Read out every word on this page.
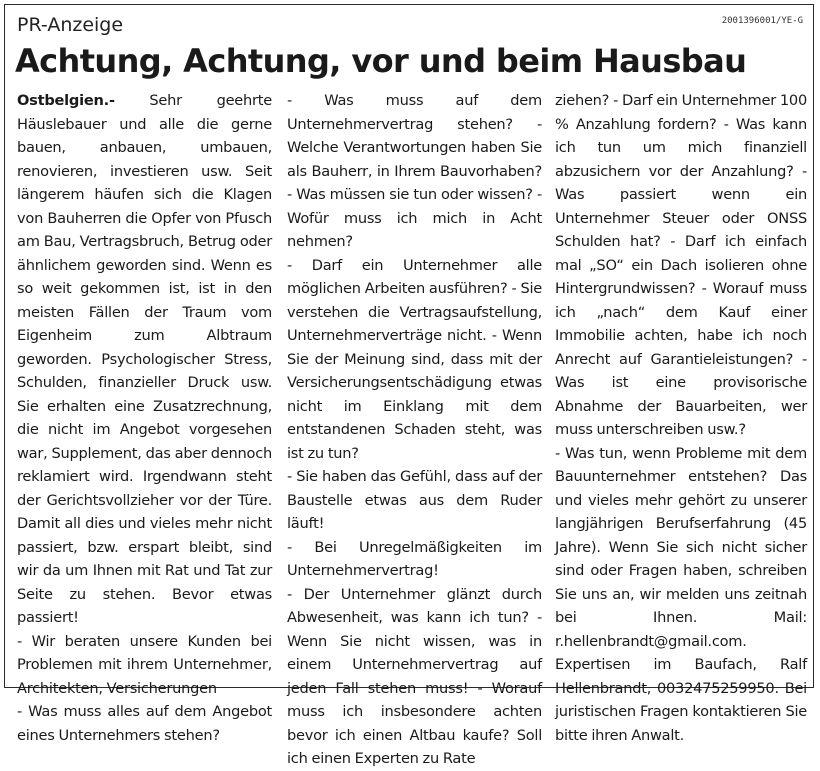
PR-Anzeige	2001396001/YE-G
Achtung, Achtung, vor und beim Hausbau

Ostbelgien.- Sehr geehrte Häuslebauer und alle die gerne bauen, anbauen, umbauen, renovieren, investieren usw. Seit längerem häufen sich die Klagen von Bauherren die Opfer von Pfusch am Bau, Vertragsbruch, Betrug oder ähnlichem geworden sind. Wenn es so weit gekommen ist, ist in den meisten Fällen der Traum vom Eigenheim zum Albtraum geworden. Psychologischer Stress, Schulden, finanzieller Druck usw. Sie erhalten eine Zusatzrechnung, die nicht im Angebot vorgesehen war, Supplement, das aber dennoch reklamiert wird. Irgendwann steht der Gerichtsvollzieher vor der Türe. Damit all dies und vieles mehr nicht passiert, bzw. erspart bleibt, sind wir da um Ihnen mit Rat und Tat zur Seite zu stehen. Bevor etwas passiert!

- Wir beraten unsere Kunden bei Problemen mit ihrem Unternehmer, Architekten, Versicherungen

- Was muss alles auf dem Angebot eines Unternehmers stehen?

- Was muss auf dem Unternehmervertrag stehen? - Welche Verantwortungen haben Sie als Bauherr, in Ihrem Bauvorhaben? - Was müssen sie tun oder wissen? - Wofür muss ich mich in Acht nehmen?

- Darf ein Unternehmer alle möglichen Arbeiten ausführen? - Sie verstehen die Vertragsaufstellung, Unternehmerverträge nicht. - Wenn Sie der Meinung sind, dass mit der Versicherungsentschädigung etwas nicht im Einklang mit dem entstandenen Schaden steht, was ist zu tun?

- Sie haben das Gefühl, dass auf der Baustelle etwas aus dem Ruder läuft!

- Bei Unregelmäßigkeiten im Unternehmervertrag!

- Der Unternehmer glänzt durch Abwesenheit, was kann ich tun? - Wenn Sie nicht wissen, was in einem Unternehmervertrag auf jeden Fall stehen muss! - Worauf muss ich insbesondere achten bevor ich einen Altbau kaufe? Soll ich einen Experten zu Rate

ziehen? - Darf ein Unternehmer 100 % Anzahlung fordern? - Was kann ich tun um mich finanziell abzusichern vor der Anzahlung? - Was passiert wenn ein Unternehmer Steuer oder ONSS Schulden hat? - Darf ich einfach mal „SO“ ein Dach isolieren ohne Hintergrundwissen? - Worauf muss ich „nach“ dem Kauf einer Immobilie achten, habe ich noch Anrecht auf Garantieleistungen? - Was ist eine provisorische Abnahme der Bauarbeiten, wer muss unterschreiben usw.?

- Was tun, wenn Probleme mit dem Bauunternehmer entstehen? Das und vieles mehr gehört zu unserer langjährigen Berufserfahrung (45 Jahre). Wenn Sie sich nicht sicher sind oder Fragen haben, schreiben Sie uns an, wir melden uns zeitnah bei Ihnen. Mail: r.hellenbrandt@gmail.com. Expertisen im Baufach, Ralf Hellenbrandt, 0032475259950. Bei juristischen Fragen kontaktieren Sie bitte ihren Anwalt.
